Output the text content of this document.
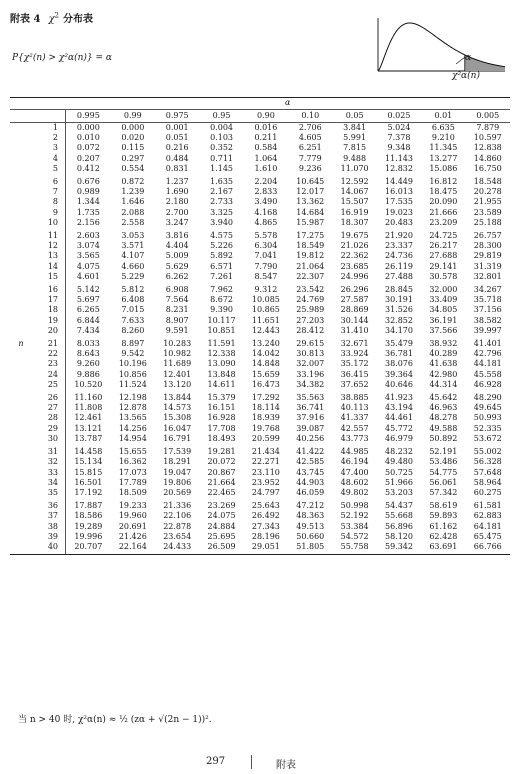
附表 4 $\chi^2$ 分布表
P{χ²(n) > χ²α(n)} = α	α
χ²α(n)
		α									
		0.995	0.99	0.975	0.95	0.90	0.10	0.05	0.025	0.01	0.005
	1	0.000	0.000	0.001	0.004	0.016	2.706	3.841	5.024	6.635	7.879
	2	0.010	0.020	0.051	0.103	0.211	4.605	5.991	7.378	9.210	10.597
	3	0.072	0.115	0.216	0.352	0.584	6.251	7.815	9.348	11.345	12.838
	4	0.207	0.297	0.484	0.711	1.064	7.779	9.488	11.143	13.277	14.860
	5	0.412	0.554	0.831	1.145	1.610	9.236	11.070	12.832	15.086	16.750
	6	0.676	0.872	1.237	1.635	2.204	10.645	12.592	14.449	16.812	18.548
	7	0.989	1.239	1.690	2.167	2.833	12.017	14.067	16.013	18.475	20.278
	8	1.344	1.646	2.180	2.733	3.490	13.362	15.507	17.535	20.090	21.955
	9	1.735	2.088	2.700	3.325	4.168	14.684	16.919	19.023	21.666	23.589
	10	2.156	2.558	3.247	3.940	4.865	15.987	18.307	20.483	23.209	25.188
	11	2.603	3.053	3.816	4.575	5.578	17.275	19.675	21.920	24.725	26.757
	12	3.074	3.571	4.404	5.226	6.304	18.549	21.026	23.337	26.217	28.300
	13	3.565	4.107	5.009	5.892	7.041	19.812	22.362	24.736	27.688	29.819
	14	4.075	4.660	5.629	6.571	7.790	21.064	23.685	26.119	29.141	31.319
	15	4.601	5.229	6.262	7.261	8.547	22.307	24.996	27.488	30.578	32.801
	16	5.142	5.812	6.908	7.962	9.312	23.542	26.296	28.845	32.000	34.267
	17	5.697	6.408	7.564	8.672	10.085	24.769	27.587	30.191	33.409	35.718
	18	6.265	7.015	8.231	9.390	10.865	25.989	28.869	31.526	34.805	37.156
	19	6.844	7.633	8.907	10.117	11.651	27.203	30.144	32.852	36.191	38.582
	20	7.434	8.260	9.591	10.851	12.443	28.412	31.410	34.170	37.566	39.997
n	21	8.033	8.897	10.283	11.591	13.240	29.615	32.671	35.479	38.932	41.401
	22	8.643	9.542	10.982	12.338	14.042	30.813	33.924	36.781	40.289	42.796
	23	9.260	10.196	11.689	13.090	14.848	32.007	35.172	38.076	41.638	44.181
	24	9.886	10.856	12.401	13.848	15.659	33.196	36.415	39.364	42.980	45.558
	25	10.520	11.524	13.120	14.611	16.473	34.382	37.652	40.646	44.314	46.928
	26	11.160	12.198	13.844	15.379	17.292	35.563	38.885	41.923	45.642	48.290
	27	11.808	12.878	14.573	16.151	18.114	36.741	40.113	43.194	46.963	49.645
	28	12.461	13.565	15.308	16.928	18.939	37.916	41.337	44.461	48.278	50.993
	29	13.121	14.256	16.047	17.708	19.768	39.087	42.557	45.772	49.588	52.335
	30	13.787	14.954	16.791	18.493	20.599	40.256	43.773	46.979	50.892	53.672
	31	14.458	15.655	17.539	19.281	21.434	41.422	44.985	48.232	52.191	55.002
	32	15.134	16.362	18.291	20.072	22.271	42.585	46.194	49.480	53.486	56.328
	33	15.815	17.073	19.047	20.867	23.110	43.745	47.400	50.725	54.775	57.648
	34	16.501	17.789	19.806	21.664	23.952	44.903	48.602	51.966	56.061	58.964
	35	17.192	18.509	20.569	22.465	24.797	46.059	49.802	53.203	57.342	60.275
	36	17.887	19.233	21.336	23.269	25.643	47.212	50.998	54.437	58.619	61.581
	37	18.586	19.960	22.106	24.075	26.492	48.363	52.192	55.668	59.893	62.883
	38	19.289	20.691	22.878	24.884	27.343	49.513	53.384	56.896	61.162	64.181
	39	19.996	21.426	23.654	25.695	28.196	50.660	54.572	58.120	62.428	65.475
	40	20.707	22.164	24.433	26.509	29.051	51.805	55.758	59.342	63.691	66.766
当 n > 40 时, χ²α(n) ≈ ½ (zα + √(2n − 1))².
297	附表
